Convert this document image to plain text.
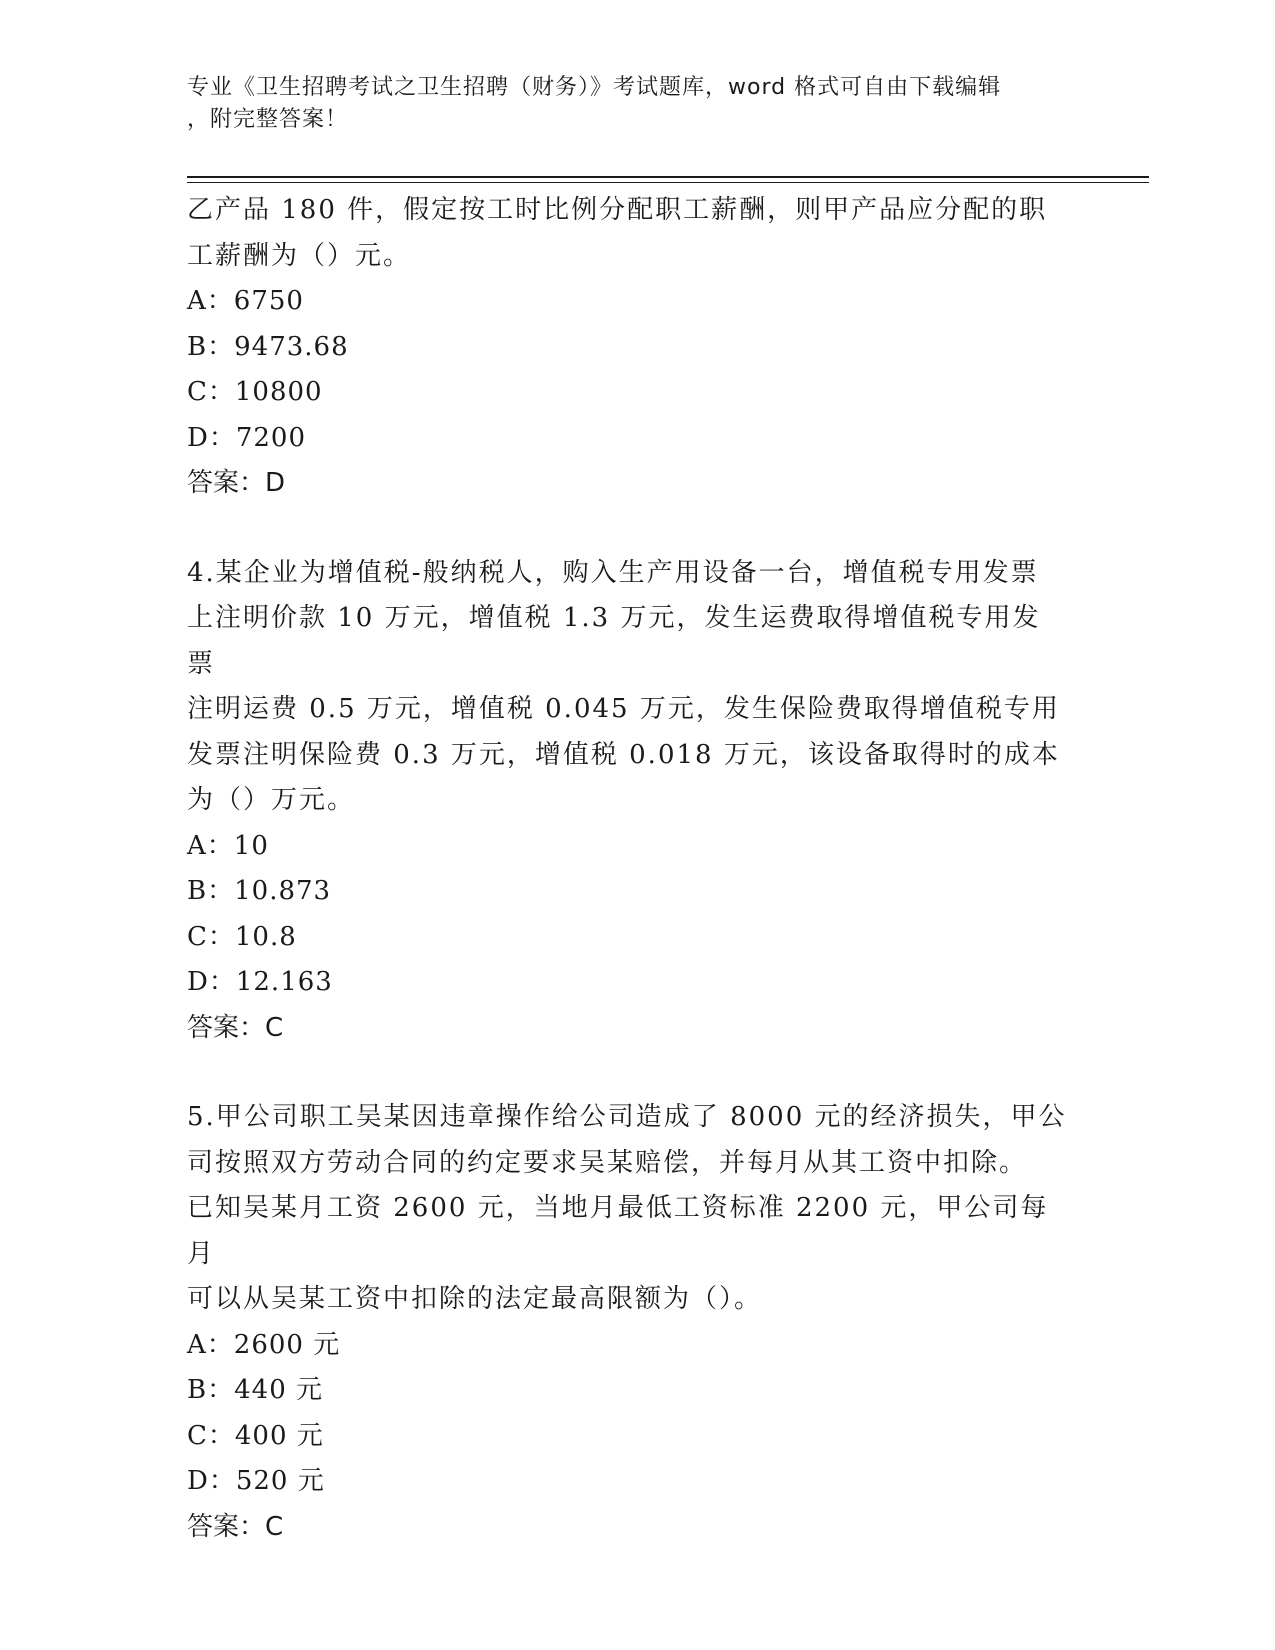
专业《卫生招聘考试之卫生招聘（财务）》考试题库，word 格式可自由下载编辑
，附完整答案！
乙产品 180 件，假定按工时比例分配职工薪酬，则甲产品应分配的职
工薪酬为（）元。
A：6750
B：9473.68
C：10800
D：7200
答案：D
4.某企业为增值税-般纳税人，购入生产用设备一台，增值税专用发票
上注明价款 10 万元，增值税 1.3 万元，发生运费取得增值税专用发票
注明运费 0.5 万元，增值税 0.045 万元，发生保险费取得增值税专用
发票注明保险费 0.3 万元，增值税 0.018 万元，该设备取得时的成本
为（）万元。
A：10
B：10.873
C：10.8
D：12.163
答案：C
5.甲公司职工吴某因违章操作给公司造成了 8000 元的经济损失，甲公
司按照双方劳动合同的约定要求吴某赔偿，并每月从其工资中扣除。
已知吴某月工资 2600 元，当地月最低工资标准 2200 元，甲公司每月
可以从吴某工资中扣除的法定最高限额为（）。
A：2600 元
B：440 元
C：400 元
D：520 元
答案：C
